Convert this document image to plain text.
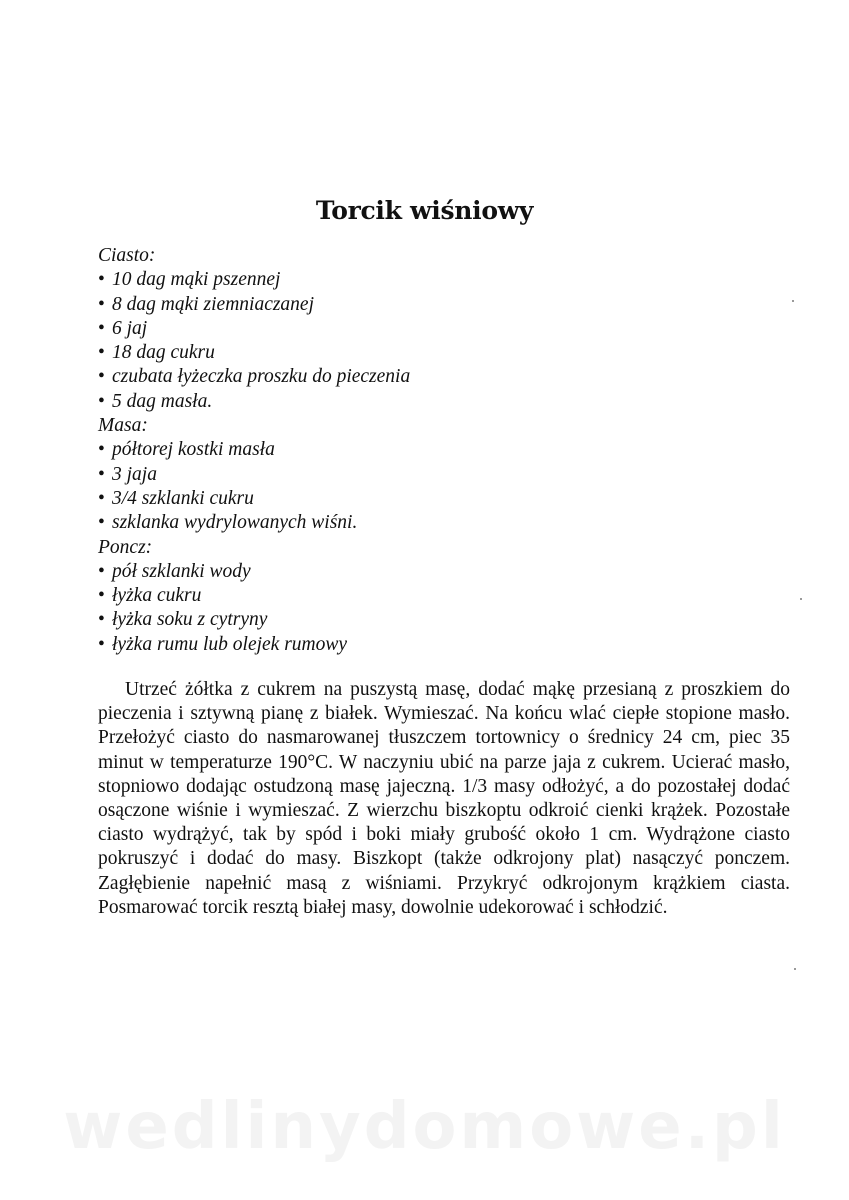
Torcik wiśniowy
Ciasto:
• 10 dag mąki pszennej
• 8 dag mąki ziemniaczanej
• 6 jaj
• 18 dag cukru
• czubata łyżeczka proszku do pieczenia
• 5 dag masła.
Masa:
• półtorej kostki masła
• 3 jaja
• 3/4 szklanki cukru
• szklanka wydrylowanych wiśni.
Poncz:
• pół szklanki wody
• łyżka cukru
• łyżka soku z cytryny
• łyżka rumu lub olejek rumowy

Utrzeć żółtka z cukrem na puszystą masę, dodać mąkę przesianą z proszkiem do pieczenia i sztywną pianę z białek. Wymieszać. Na końcu wlać ciepłe stopione masło. Przełożyć ciasto do nasmarowanej tłuszczem tortownicy o średnicy 24 cm, piec 35 minut w temperaturze 190°C. W naczyniu ubić na parze jaja z cukrem. Ucierać masło, stopniowo dodając ostudzoną masę jajeczną. 1/3 masy odłożyć, a do pozostałej dodać osączone wiśnie i wymieszać. Z wierzchu biszkoptu odkroić cienki krążek. Pozostałe ciasto wydrążyć, tak by spód i boki miały grubość około 1 cm. Wydrążone ciasto pokruszyć i dodać do masy. Biszkopt (także odkrojony plat) nasączyć ponczem. Zagłębienie napełnić masą z wiśniami. Przykryć odkrojonym krążkiem ciasta. Posmarować torcik resztą białej masy, dowolnie udekorować i schłodzić.

wedlinydomowe.pl
